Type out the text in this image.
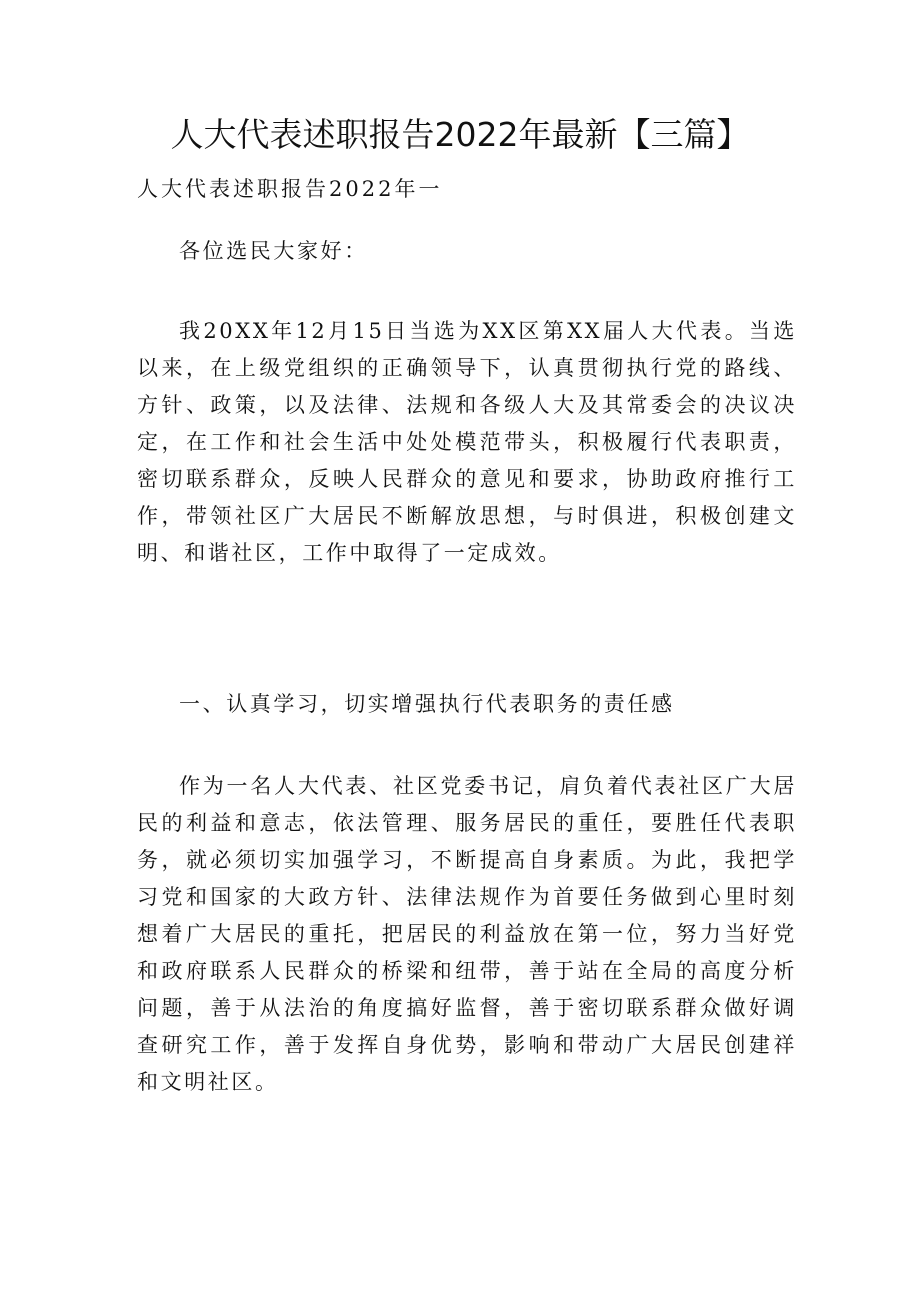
人大代表述职报告2022年最新【三篇】

人大代表述职报告2022年一

各位选民大家好：

我20XX年12月15日当选为XX区第XX届人大代表。当选以来，在上级党组织的正确领导下，认真贯彻执行党的路线、方针、政策，以及法律、法规和各级人大及其常委会的决议决定，在工作和社会生活中处处模范带头，积极履行代表职责，密切联系群众，反映人民群众的意见和要求，协助政府推行工作，带领社区广大居民不断解放思想，与时俱进，积极创建文明、和谐社区，工作中取得了一定成效。

一、认真学习，切实增强执行代表职务的责任感

作为一名人大代表、社区党委书记，肩负着代表社区广大居民的利益和意志，依法管理、服务居民的重任，要胜任代表职务，就必须切实加强学习，不断提高自身素质。为此，我把学习党和国家的大政方针、法律法规作为首要任务做到心里时刻想着广大居民的重托，把居民的利益放在第一位，努力当好党和政府联系人民群众的桥梁和纽带，善于站在全局的高度分析问题，善于从法治的角度搞好监督，善于密切联系群众做好调查研究工作，善于发挥自身优势，影响和带动广大居民创建祥和文明社区。
